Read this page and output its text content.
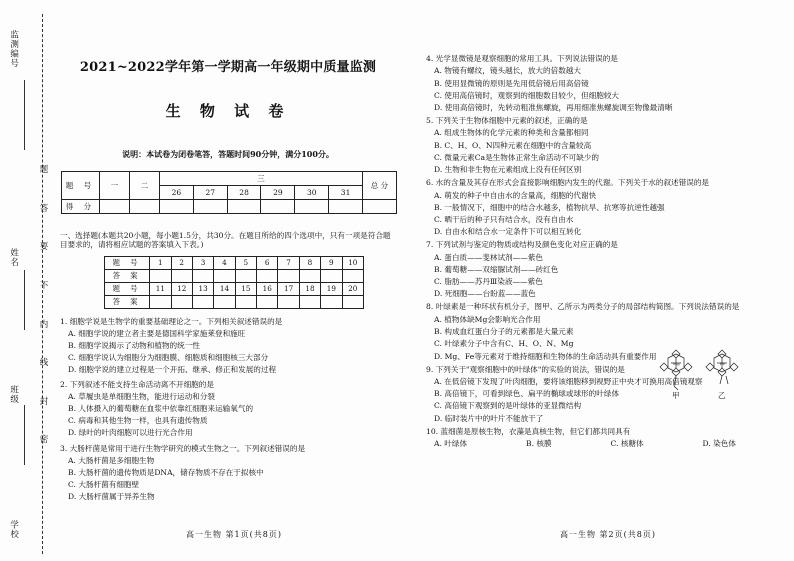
监测编号
姓名
班级
学校
题
答
要
不
内
线
封
密
2021~2022学年第一学期高一年级期中质量监测
生 物 试 卷
说明：本试卷为闭卷笔答，答题时间90分钟，满分100分。
题 号	一	二	三						总 分
			26	27	28	29	30	31	
得 分									

一、选择题(本题共20小题，每小题1.5分，共30分。在题目所给的四个选项中，只有一项是符合题目要求的，请将相应试题的答案填入下表。)

题 号	1	2	3	4	5	6	7	8	9	10
答 案										
题 号	11	12	13	14	15	16	17	18	19	20
答 案										
1. 细胞学说是生物学的重要基础理论之一。下列相关叙述错误的是
A. 细胞学说的建立者主要是德国科学家施莱登和施旺
B. 细胞学说揭示了动物和植物的统一性
C. 细胞学说认为细胞分为细胞膜、细胞质和细胞核三大部分
D. 细胞学说的建立过程是一个开拓、继承、修正和发展的过程
2. 下列叙述不能支持生命活动离不开细胞的是
A. 草履虫是单细胞生物，能进行运动和分裂
B. 人体摄入的葡萄糖在血浆中依靠红细胞来运输氧气的
C. 病毒和其他生物一样，也具有遗传物质
D. 绿叶的叶肉细胞可以进行光合作用
3. 大肠杆菌是常用于进行生物学研究的模式生物之一。下列叙述错误的是
A. 大肠杆菌是多细胞生物
B. 大肠杆菌的遗传物质是DNA，储存物质不存在于拟核中
C. 大肠杆菌有细胞壁
D. 大肠杆菌属于异养生物
高一生物 第1页(共8页)
4. 光学显微镜是观察细胞的常用工具。下列说法错误的是
A. 物镜有螺纹，镜头越长，放大的倍数越大
B. 使用显微镜的原则是先用低倍镜后用高倍镜
C. 使用高倍镜时，观察到的细胞数目较少，但细胞较大
D. 使用高倍镜时，先转动粗准焦螺旋，再用细准焦螺旋调至物像最清晰
5. 下列关于生物体细胞中元素的叙述，正确的是
A. 组成生物体的化学元素的种类和含量都相同
B. C、H、O、N四种元素在细胞中的含量较高
C. 微量元素Ca是生物体正常生命活动不可缺少的
D. 生物和非生物在元素组成上没有任何区别
6. 水的含量及其存在形式会直接影响细胞内发生的代谢。下列关于水的叙述错误的是
A. 萌发的种子中自由水的含量高，细胞的代谢快
B. 一般情况下，细胞中的结合水越多，植物抗旱、抗寒等抗逆性越强
C. 晒干后的种子只有结合水，没有自由水
D. 自由水和结合水一定条件下可以相互转化
7. 下列试剂与鉴定的物质或结构及颜色变化对应正确的是
A. 蛋白质——斐林试剂——紫色
B. 葡萄糖——双缩脲试剂——砖红色
C. 脂肪——苏丹Ⅲ染液——紫色
D. 死细胞——台盼蓝——蓝色
8. 叶绿素是一种环状有机分子，图甲、乙所示为两类分子的局部结构简图。下列说法错误的是
A. 植物体缺Mg会影响光合作用
B. 构成血红蛋白分子的元素都是大量元素
C. 叶绿素分子中含有C、H、O、N、Mg
D. Mg、Fe等元素对于维持细胞和生物体的生命活动具有重要作用
9. 下列关于"观察细胞中的叶绿体"的实验的说法，错误的是
A. 在低倍镜下发现了叶肉细胞，要将该细胞移到视野正中央才可换用高倍镜观察
B. 高倍镜下，可看到绿色、扁平的椭球或球形的叶绿体
C. 高倍镜下观察到的是叶绿体的亚显微结构
D. 临时装片中的叶片不能放干了
10. 蓝细菌是原核生物，衣藻是真核生物，但它们都共同具有
A. 叶绿体	B. 核膜	C. 核糖体	D. 染色体
Mg	Fe
甲	乙
高一生物 第2页(共8页)
